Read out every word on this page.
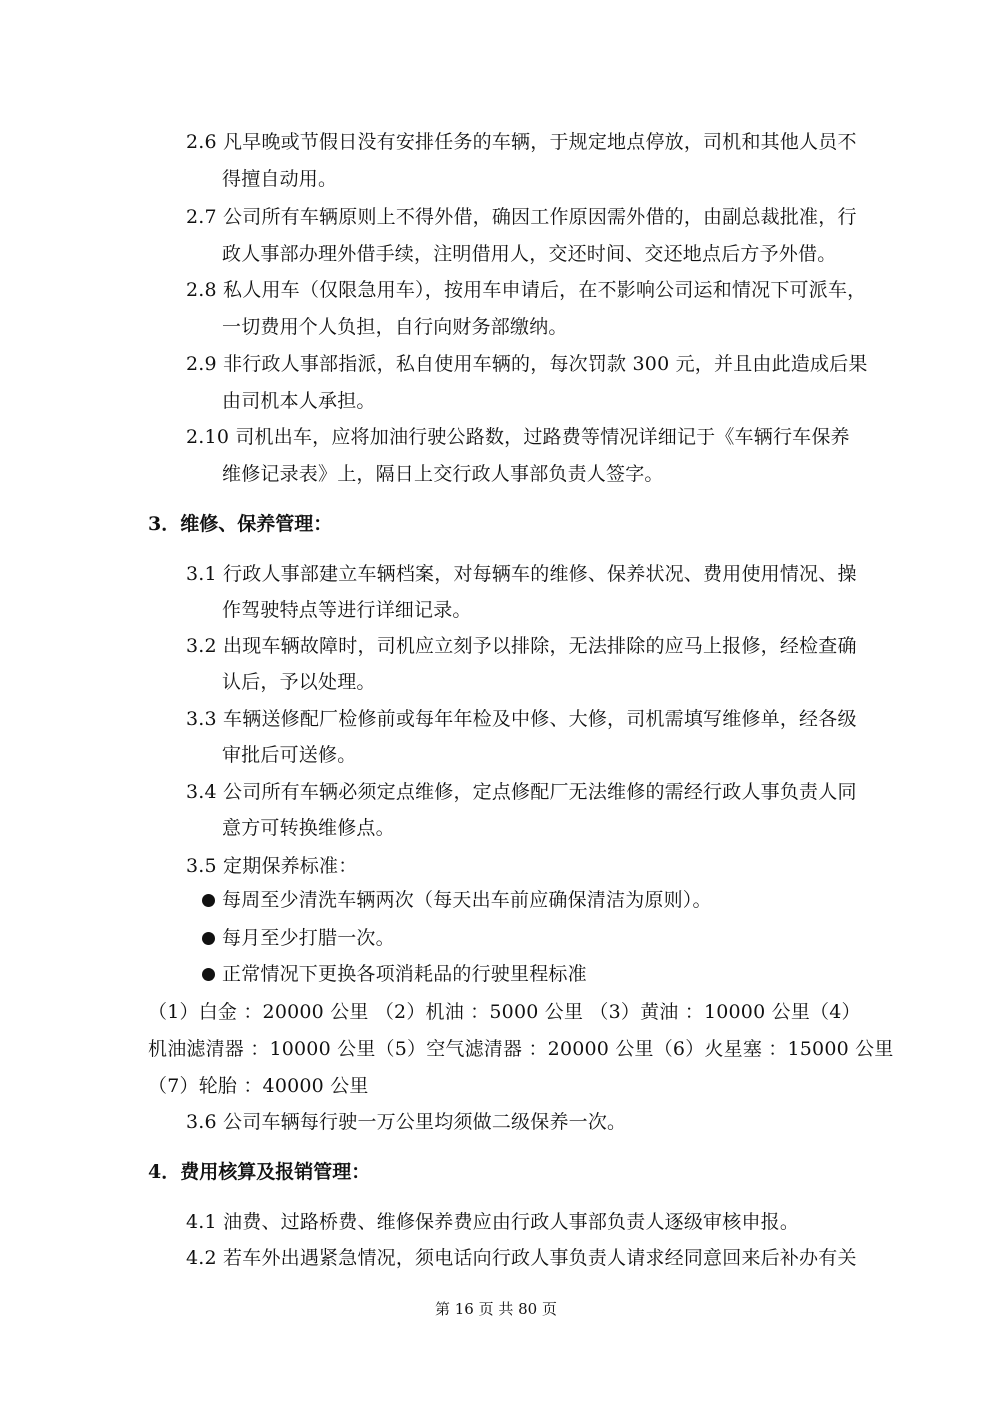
2.6 凡早晚或节假日没有安排任务的车辆，于规定地点停放，司机和其他人员不
得擅自动用。
2.7 公司所有车辆原则上不得外借，确因工作原因需外借的，由副总裁批准，行
政人事部办理外借手续，注明借用人，交还时间、交还地点后方予外借。
2.8 私人用车（仅限急用车），按用车申请后，在不影响公司运和情况下可派车，
一切费用个人负担，自行向财务部缴纳。
2.9 非行政人事部指派，私自使用车辆的，每次罚款 300 元，并且由此造成后果
由司机本人承担。
2.10 司机出车，应将加油行驶公路数，过路费等情况详细记于《车辆行车保养
维修记录表》上，隔日上交行政人事部负责人签字。
3．维修、保养管理：
3.1 行政人事部建立车辆档案，对每辆车的维修、保养状况、费用使用情况、操
作驾驶特点等进行详细记录。
3.2 出现车辆故障时，司机应立刻予以排除，无法排除的应马上报修，经检查确
认后，予以处理。
3.3 车辆送修配厂检修前或每年年检及中修、大修，司机需填写维修单，经各级
审批后可送修。
3.4 公司所有车辆必须定点维修，定点修配厂无法维修的需经行政人事负责人同
意方可转换维修点。
3.5 定期保养标准：
每周至少清洗车辆两次（每天出车前应确保清洁为原则）。
每月至少打腊一次。
正常情况下更换各项消耗品的行驶里程标准
（1）白金 ：20000 公里 （2）机油 ：5000 公里 （3）黄油 ：10000 公里（4）
机油滤清器 ：10000 公里（5）空气滤清器 ：20000 公里（6）火星塞 ：15000 公里
（7）轮胎 ：40000 公里
3.6 公司车辆每行驶一万公里均须做二级保养一次。
4．费用核算及报销管理：
4.1 油费、过路桥费、维修保养费应由行政人事部负责人逐级审核申报。
4.2 若车外出遇紧急情况，须电话向行政人事负责人请求经同意回来后补办有关
第 16 页 共 80 页
